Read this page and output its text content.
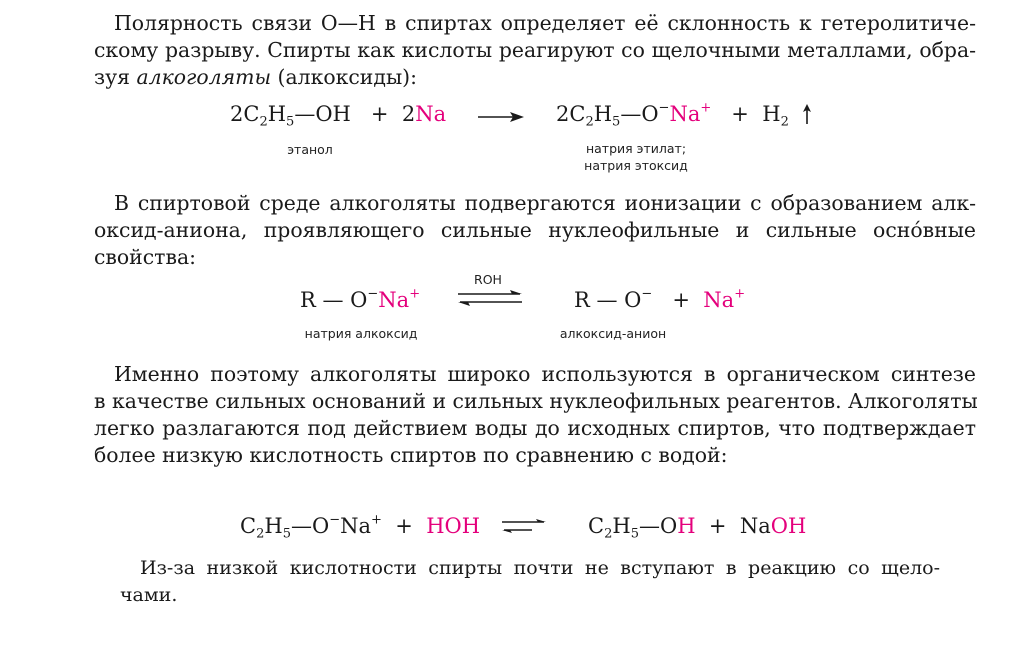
Полярность связи O—H в спиртах определяет её склонность к гетеролитиче-
скому разрыву. Спирты как кислоты реагируют со щелочными металлами, обра-
зуя алкоголяты (алкоксиды):
$2C_2H_5—OH + 2Na$	$2C_2H_5—O^-Na^+ + H_2$
этанол	натрия этилат;
натрия этоксид
В спиртовой среде алкоголяты подвергаются ионизации с образованием алк-
оксид-аниона, проявляющего сильные нуклеофильные и сильные осно́вные
свойства:
R — O−Na+
ROH
R — O− + Na+
натрия алкоксид	алкоксид-анион
Именно поэтому алкоголяты широко используются в органическом синтезе
в качестве сильных оснований и сильных нуклеофильных реагентов. Алкоголяты
легко разлагаются под действием воды до исходных спиртов, что подтверждает
более низкую кислотность спиртов по сравнению с водой:
$C_2H_5—O^-Na^+$ + HOH ⇌ $C_2H_5—OH$ + NaOH
Из-за низкой кислотности спирты почти не вступают в реакцию со щело-
чами.
